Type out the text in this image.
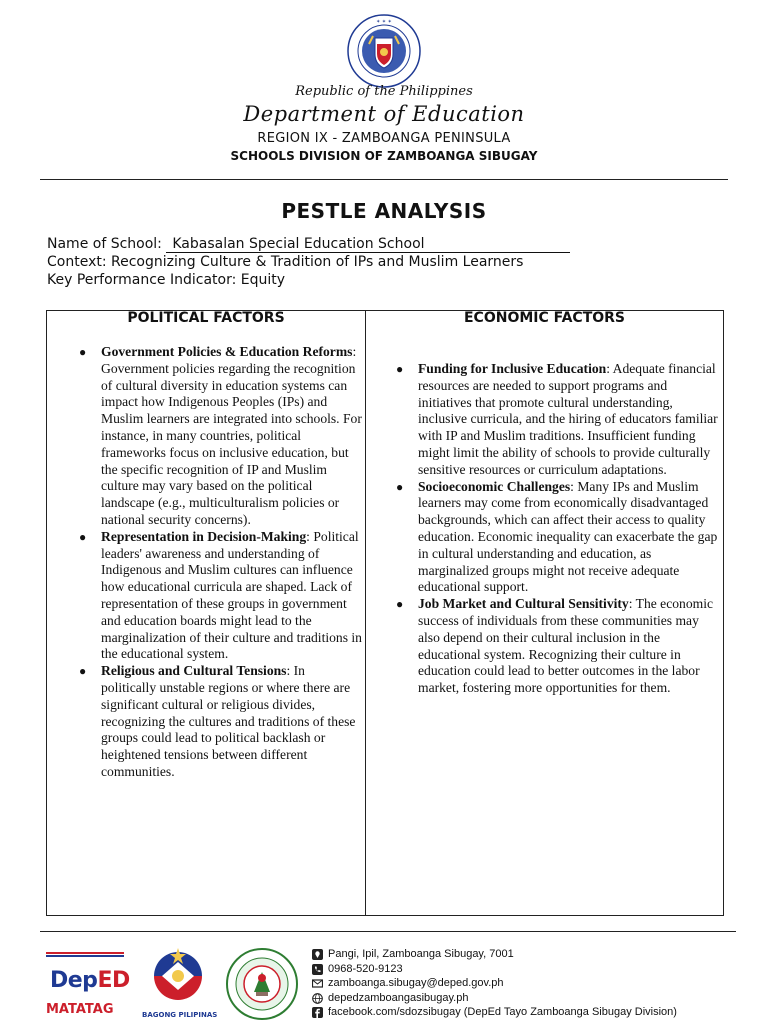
✶ ✶ ✶
Republic of the Philippines
Department of Education
REGION IX - ZAMBOANGA PENINSULA
SCHOOLS DIVISION OF ZAMBOANGA SIBUGAY
PESTLE ANALYSIS
Name of School: Kabasalan Special Education School
Context: Recognizing Culture & Tradition of IPs and Muslim Learners
Key Performance Indicator: Equity
POLITICAL FACTORS
● Government Policies & Education Reforms: Government policies regarding the recognition of cultural diversity in education systems can impact how Indigenous Peoples (IPs) and Muslim learners are integrated into schools. For instance, in many countries, political frameworks focus on inclusive education, but the specific recognition of IP and Muslim culture may vary based on the political landscape (e.g., multiculturalism policies or national security concerns).
● Representation in Decision-Making: Political leaders' awareness and understanding of Indigenous and Muslim cultures can influence how educational curricula are shaped. Lack of representation of these groups in government and education boards might lead to the marginalization of their culture and traditions in the educational system.
● Religious and Cultural Tensions: In politically unstable regions or where there are significant cultural or religious divides, recognizing the cultures and traditions of these groups could lead to political backlash or heightened tensions between different communities.
ECONOMIC FACTORS
● Funding for Inclusive Education: Adequate financial resources are needed to support programs and initiatives that promote cultural understanding, inclusive curricula, and the hiring of educators familiar with IP and Muslim traditions. Insufficient funding might limit the ability of schools to provide culturally sensitive resources or curriculum adaptations.
● Socioeconomic Challenges: Many IPs and Muslim learners may come from economically disadvantaged backgrounds, which can affect their access to quality education. Economic inequality can exacerbate the gap in cultural understanding and education, as marginalized groups might not receive adequate educational support.
● Job Market and Cultural Sensitivity: The economic success of individuals from these communities may also depend on their cultural inclusion in the educational system. Recognizing their culture in education could lead to better outcomes in the labor market, fostering more opportunities for them.
DepED
MATATAG	BAGONG PILIPINAS
Pangi, Ipil, Zamboanga Sibugay, 7001
0968-520-9123
zamboanga.sibugay@deped.gov.ph
depedzamboangasibugay.ph
facebook.com/sdozsibugay (DepEd Tayo Zamboanga Sibugay Division)
